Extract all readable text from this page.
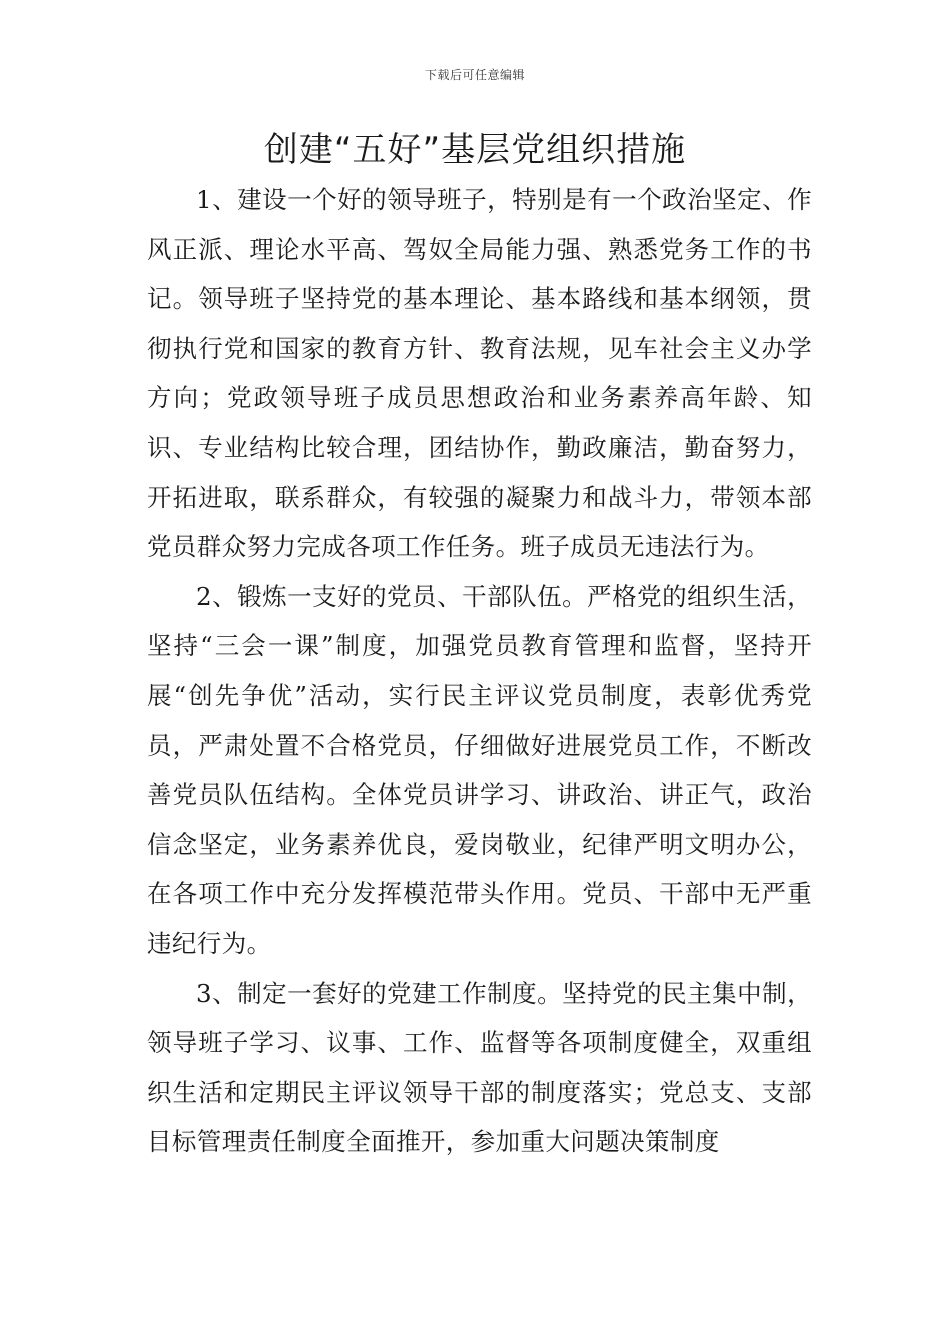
下载后可任意编辑
创建“五好”基层党组织措施

1、建设一个好的领导班子，特别是有一个政治坚定、作风正派、理论水平高、驾奴全局能力强、熟悉党务工作的书记。领导班子坚持党的基本理论、基本路线和基本纲领，贯彻执行党和国家的教育方针、教育法规，见车社会主义办学方向；党政领导班子成员思想政治和业务素养高年龄、知识、专业结构比较合理，团结协作，勤政廉洁，勤奋努力，开拓进取，联系群众，有较强的凝聚力和战斗力，带领本部党员群众努力完成各项工作任务。班子成员无违法行为。

2、锻炼一支好的党员、干部队伍。严格党的组织生活，坚持“三会一课”制度，加强党员教育管理和监督，坚持开展“创先争优”活动，实行民主评议党员制度，表彰优秀党员，严肃处置不合格党员，仔细做好进展党员工作，不断改善党员队伍结构。全体党员讲学习、讲政治、讲正气，政治信念坚定，业务素养优良，爱岗敬业，纪律严明文明办公，在各项工作中充分发挥模范带头作用。党员、干部中无严重违纪行为。

3、制定一套好的党建工作制度。坚持党的民主集中制，领导班子学习、议事、工作、监督等各项制度健全，双重组织生活和定期民主评议领导干部的制度落实；党总支、支部目标管理责任制度全面推开，参加重大问题决策制度
